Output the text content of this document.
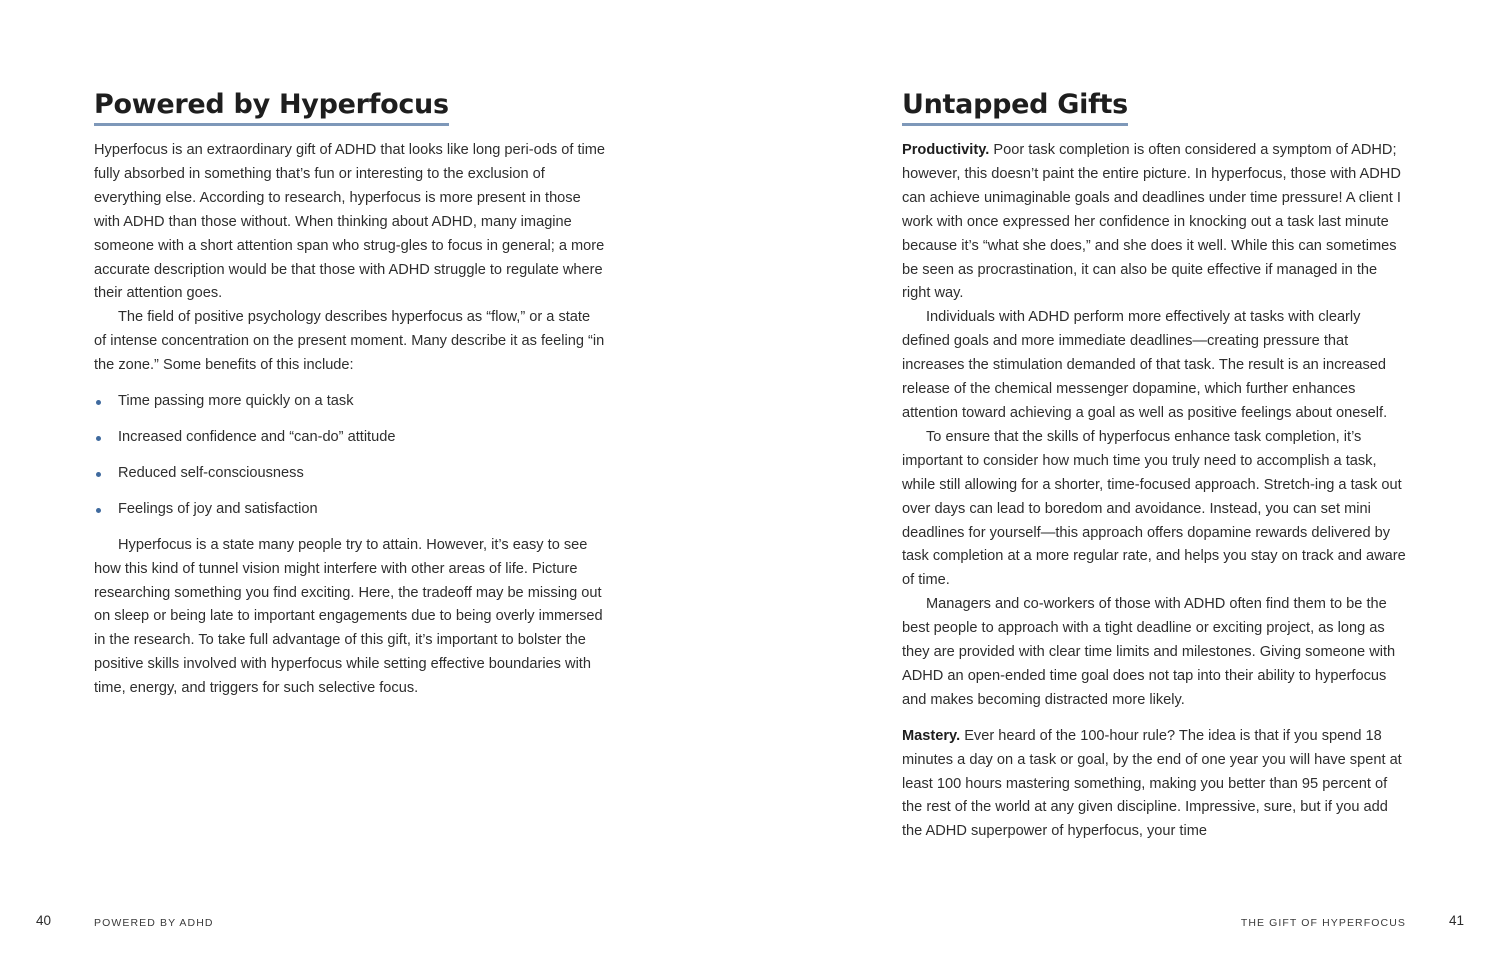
Powered by Hyperfocus

Hyperfocus is an extraordinary gift of ADHD that looks like long peri-ods of time fully absorbed in something that’s fun or interesting to the exclusion of everything else. According to research, hyperfocus is more present in those with ADHD than those without. When thinking about ADHD, many imagine someone with a short attention span who strug-gles to focus in general; a more accurate description would be that those with ADHD struggle to regulate where their attention goes.

The field of positive psychology describes hyperfocus as “flow,” or a state of intense concentration on the present moment. Many describe it as feeling “in the zone.” Some benefits of this include:

Time passing more quickly on a task
Increased confidence and “can-do” attitude
Reduced self-consciousness
Feelings of joy and satisfaction

Hyperfocus is a state many people try to attain. However, it’s easy to see how this kind of tunnel vision might interfere with other areas of life. Picture researching something you find exciting. Here, the tradeoff may be missing out on sleep or being late to important engagements due to being overly immersed in the research. To take full advantage of this gift, it’s important to bolster the positive skills involved with hyperfocus while setting effective boundaries with time, energy, and triggers for such selective focus.

40	POWERED BY ADHD
Untapped Gifts

Productivity. Poor task completion is often considered a symptom of ADHD; however, this doesn’t paint the entire picture. In hyperfocus, those with ADHD can achieve unimaginable goals and deadlines under time pressure! A client I work with once expressed her confidence in knocking out a task last minute because it’s “what she does,” and she does it well. While this can sometimes be seen as procrastination, it can also be quite effective if managed in the right way.

Individuals with ADHD perform more effectively at tasks with clearly defined goals and more immediate deadlines—creating pressure that increases the stimulation demanded of that task. The result is an increased release of the chemical messenger dopamine, which further enhances attention toward achieving a goal as well as positive feelings about oneself.

To ensure that the skills of hyperfocus enhance task completion, it’s important to consider how much time you truly need to accomplish a task, while still allowing for a shorter, time-focused approach. Stretch-ing a task out over days can lead to boredom and avoidance. Instead, you can set mini deadlines for yourself—this approach offers dopamine rewards delivered by task completion at a more regular rate, and helps you stay on track and aware of time.

Managers and co-workers of those with ADHD often find them to be the best people to approach with a tight deadline or exciting project, as long as they are provided with clear time limits and milestones. Giving someone with ADHD an open-ended time goal does not tap into their ability to hyperfocus and makes becoming distracted more likely.

Mastery. Ever heard of the 100-hour rule? The idea is that if you spend 18 minutes a day on a task or goal, by the end of one year you will have spent at least 100 hours mastering something, making you better than 95 percent of the rest of the world at any given discipline. Impressive, sure, but if you add the ADHD superpower of hyperfocus, your time

THE GIFT OF HYPERFOCUS	41
